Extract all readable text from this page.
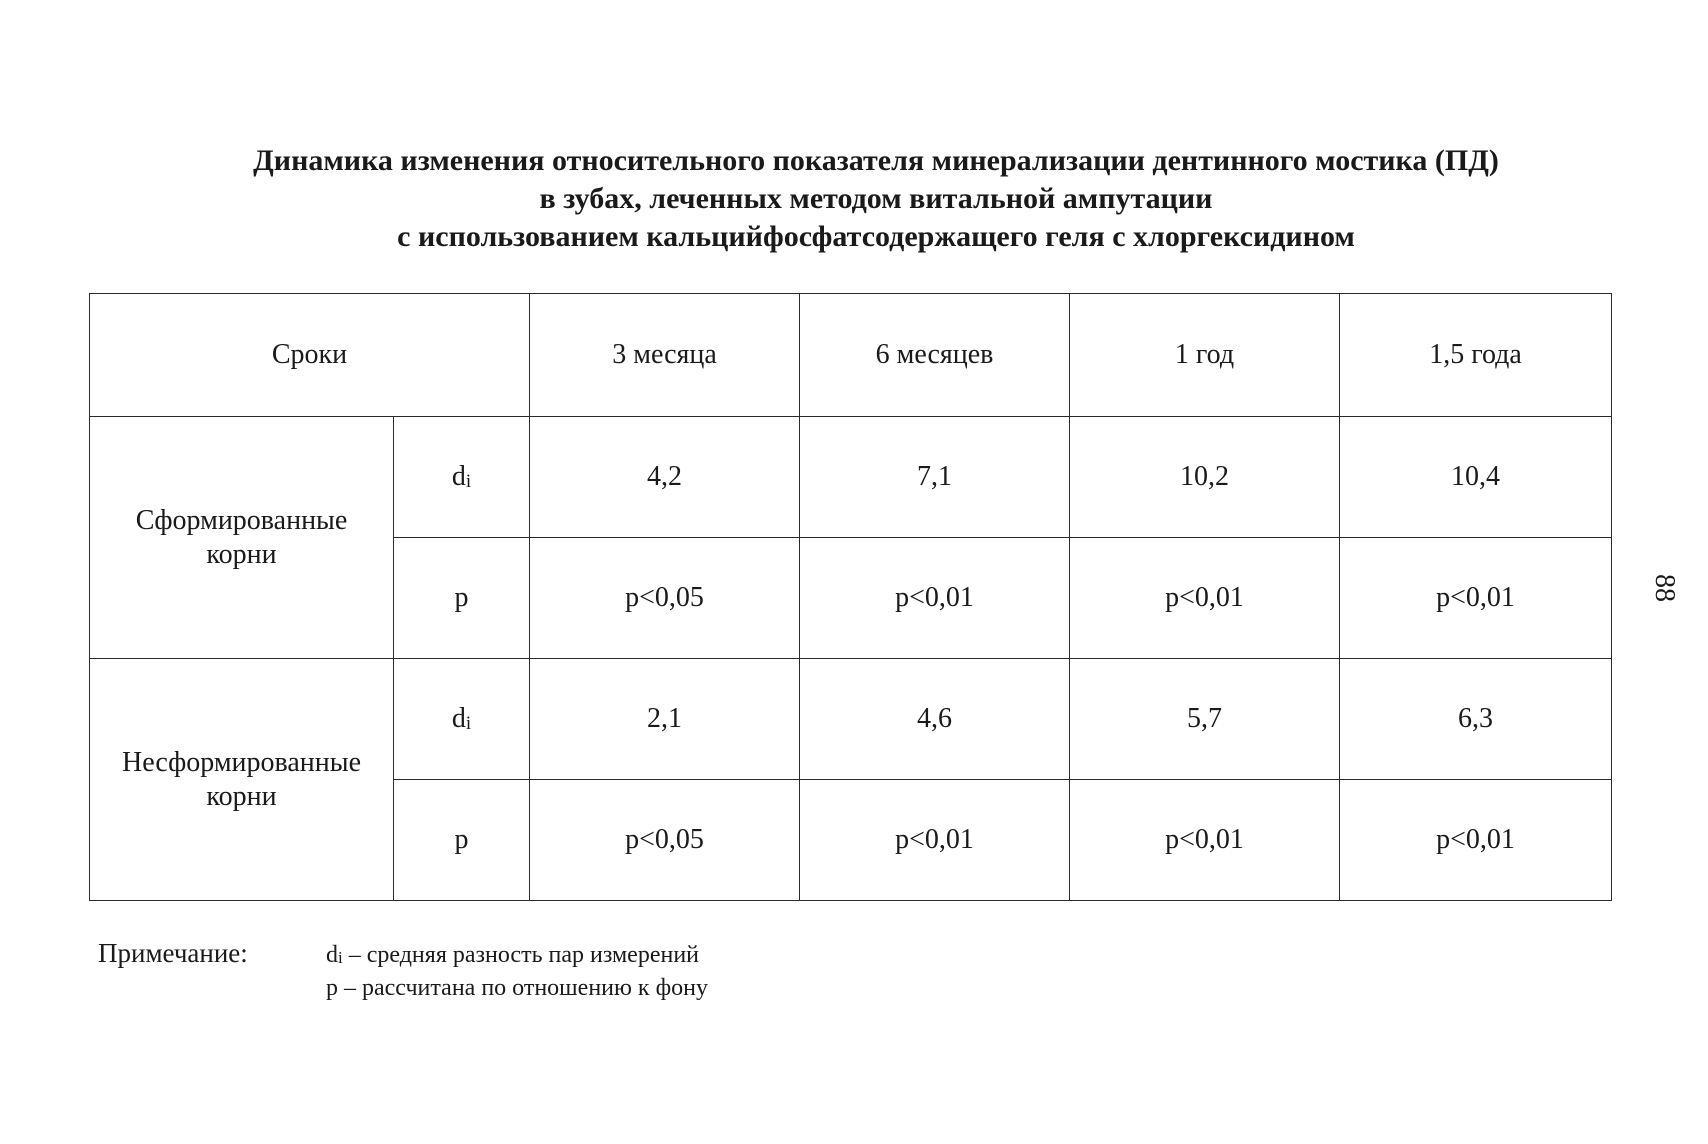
Динамика изменения относительного показателя минерализации дентинного мостика (ПД)
в зубах, леченных методом витальной ампутации
с использованием кальцийфосфатсодержащего геля с хлоргексидином
Сроки		3 месяца	6 месяцев	1 год	1,5 года

Сформированные
корни	$d_i$	4,2	7,1	10,2	10,4
	p	p<0,05	p<0,01	p<0,01	p<0,01

Несформированные
корни	$d_i$	2,1	4,6	5,7	6,3
	p	p<0,05	p<0,01	p<0,01	p<0,01
Примечание:	$d_i$ – средняя разность пар измерений
p – рассчитана по отношению к фону
88
